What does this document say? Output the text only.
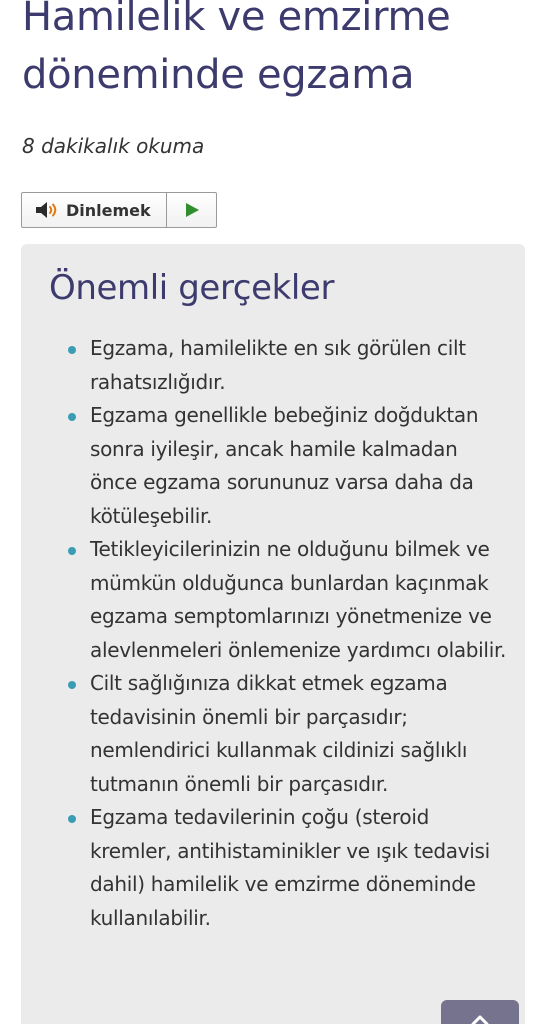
Hamilelik ve emzirme döneminde egzama

8 dakikalık okuma

Dinlemek
Önemli gerçekler
Egzama, hamilelikte en sık görülen cilt rahatsızlığıdır.
Egzama genellikle bebeğiniz doğduktan sonra iyileşir, ancak hamile kalmadan önce egzama sorununuz varsa daha da kötüleşebilir.
Tetikleyicilerinizin ne olduğunu bilmek ve mümkün olduğunca bunlardan kaçınmak egzama semptomlarınızı yönetmenize ve alevlenmeleri önlemenize yardımcı olabilir.
Cilt sağlığınıza dikkat etmek egzama tedavisinin önemli bir parçasıdır; nemlendirici kullanmak cildinizi sağlıklı tutmanın önemli bir parçasıdır.
Egzama tedavilerinin çoğu (steroid kremler, antihistaminikler ve ışık tedavisi dahil) hamilelik ve emzirme döneminde kullanılabilir.
